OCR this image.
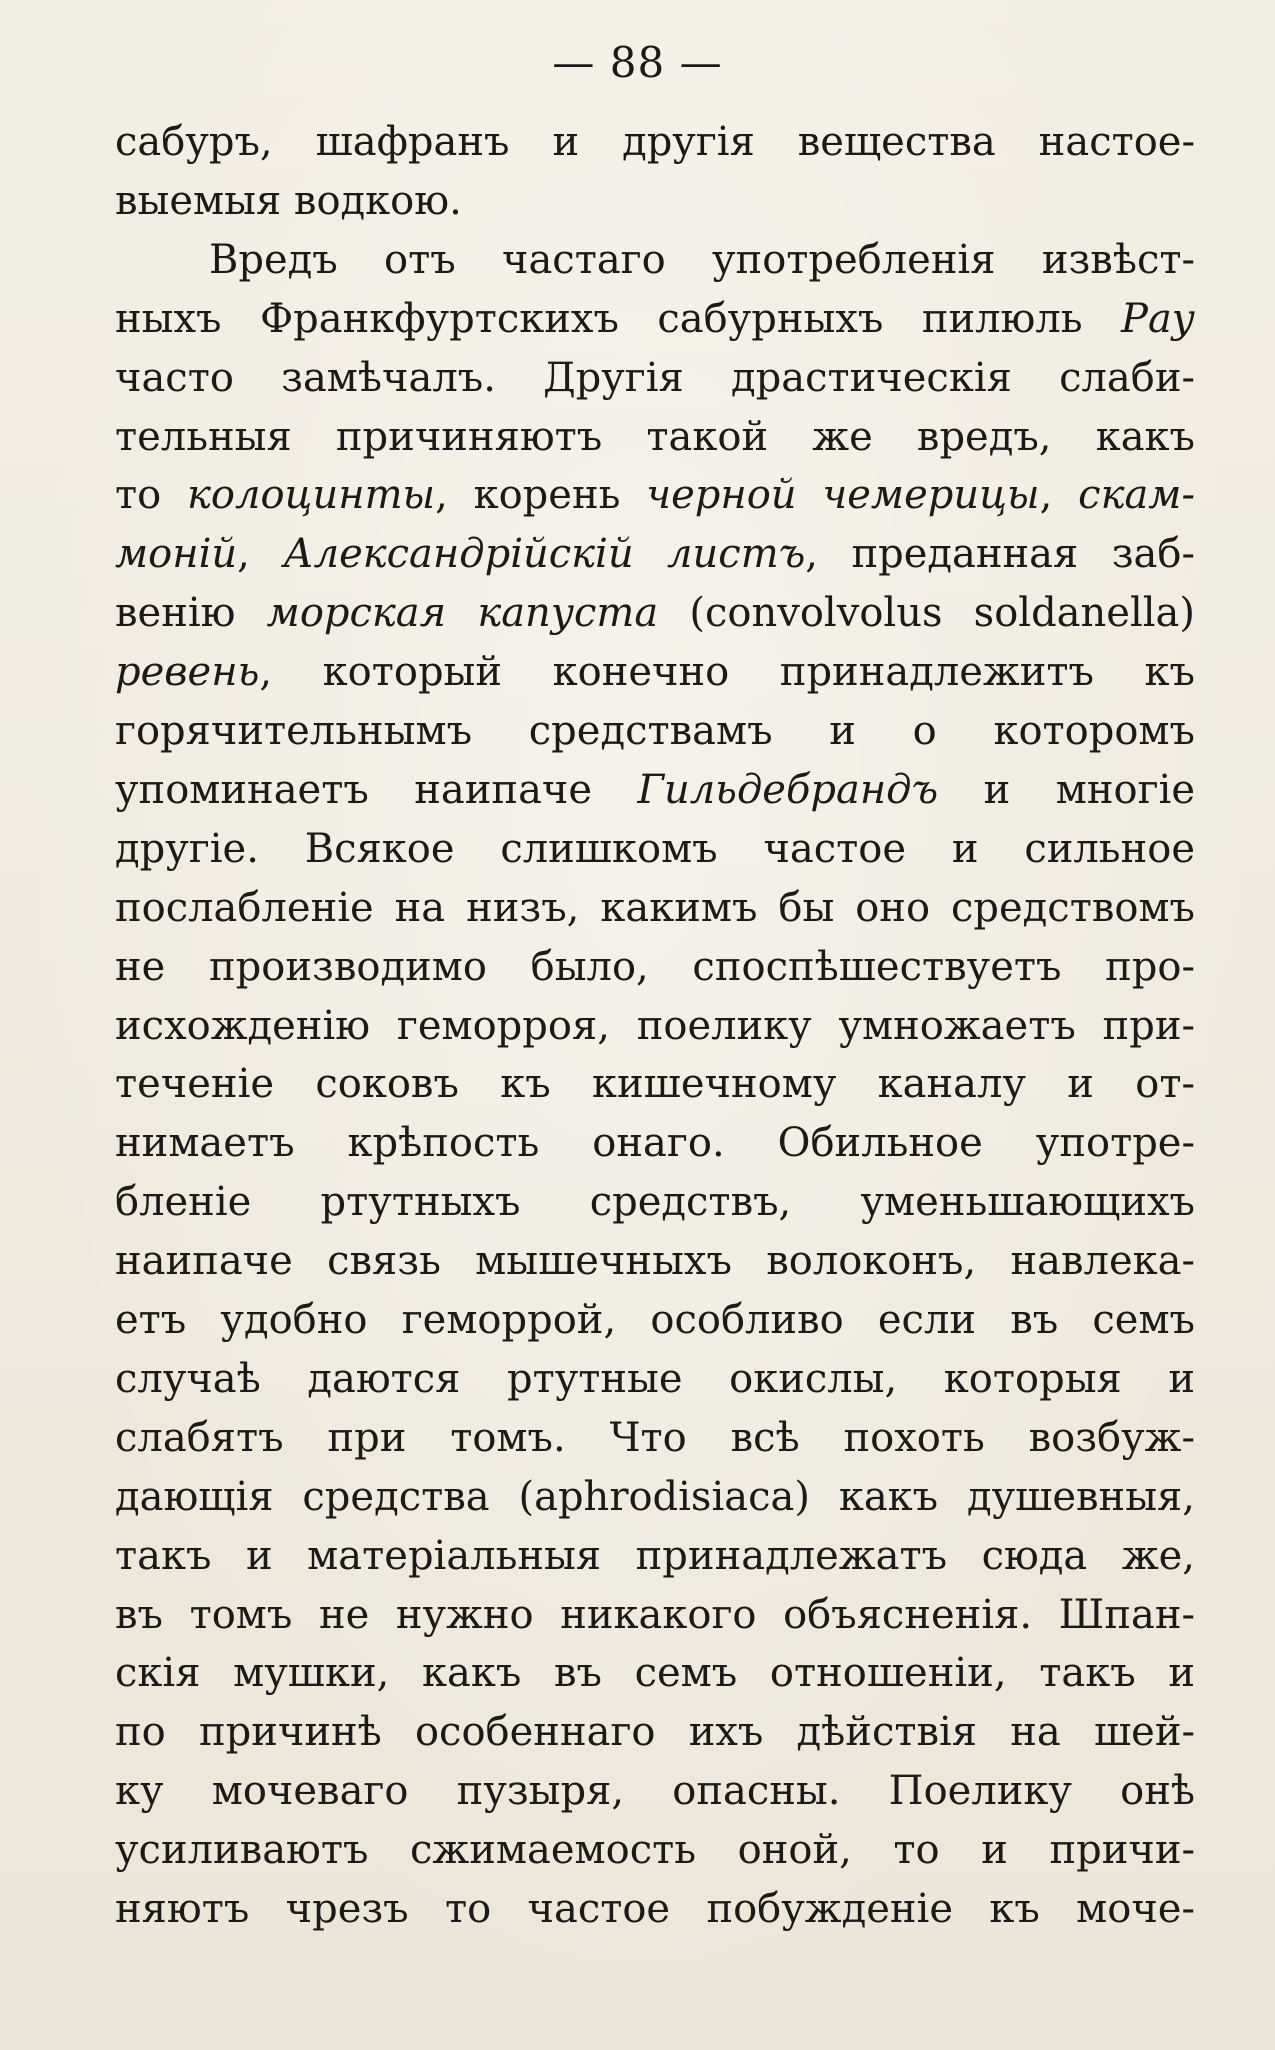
— 88 —
сабуръ, шафранъ и другія вещества настое-
выемыя водкою.
Вредъ отъ частаго употребленія извѣст-
ныхъ Франкфуртскихъ сабурныхъ пилюль Рау
часто замѣчалъ. Другія драстическія слаби-
тельныя причиняютъ такой же вредъ, какъ
то колоцинты, корень черной чемерицы, скам-
моній, Александрійскій листъ, преданная заб-
венію морская капуста (convolvolus soldanella)
ревень, который конечно принадлежитъ къ
горячительнымъ средствамъ и о которомъ
упоминаетъ наипаче Гильдебрандъ и многіе
другіе. Всякое слишкомъ частое и сильное
послабленіе на низъ, какимъ бы оно средствомъ
не производимо было, споспѣшествуетъ про-
исхожденію геморроя, поелику умножаетъ при-
теченіе соковъ къ кишечному каналу и от-
нимаетъ крѣпость онаго. Обильное употре-
бленіе ртутныхъ средствъ, уменьшающихъ
наипаче связь мышечныхъ волоконъ, навлека-
етъ удобно геморрой, особливо если въ семъ
случаѣ даются ртутные окислы, которыя и
слабятъ при томъ. Что всѣ похоть возбуж-
дающія средства (aphrodisiaca) какъ душевныя,
такъ и матеріальныя принадлежатъ сюда же,
въ томъ не нужно никакого объясненія. Шпан-
скія мушки, какъ въ семъ отношеніи, такъ и
по причинѣ особеннаго ихъ дѣйствія на шей-
ку мочеваго пузыря, опасны. Поелику онѣ
усиливаютъ сжимаемость оной, то и причи-
няютъ чрезъ то частое побужденіе къ моче-
